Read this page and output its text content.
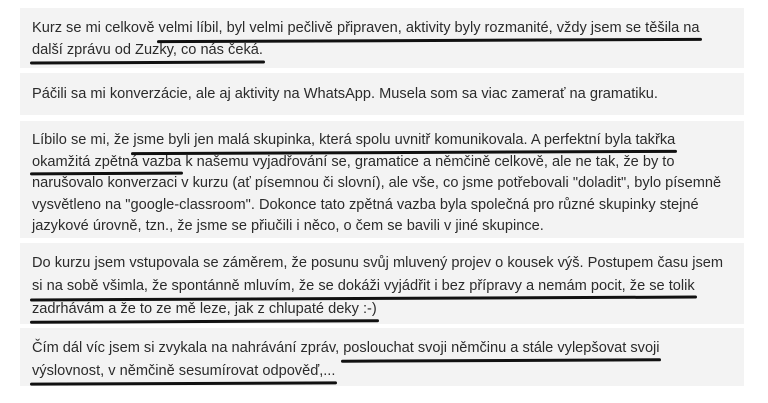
Kurz se mi celkově velmi líbil, byl velmi pečlivě připraven, aktivity byly rozmanité, vždy jsem se těšila na
další zprávu od Zuzky, co nás čeká.
Páčili sa mi konverzácie, ale aj aktivity na WhatsApp. Musela som sa viac zamerať na gramatiku.
Líbilo se mi, že jsme byli jen malá skupinka, která spolu uvnitř komunikovala. A perfektní byla takřka
okamžitá zpětná vazba k našemu vyjadřování se, gramatice a němčině celkově, ale ne tak, že by to
narušovalo konverzaci v kurzu (ať písemnou či slovní), ale vše, co jsme potřebovali "doladit", bylo písemně
vysvětleno na "google-classroom". Dokonce tato zpětná vazba byla společná pro různé skupinky stejné
jazykové úrovně, tzn., že jsme se přiučili i něco, o čem se bavili v jiné skupince.
Do kurzu jsem vstupovala se záměrem, že posunu svůj mluvený projev o kousek výš. Postupem času jsem
si na sobě všimla, že spontánně mluvím, že se dokáži vyjádřit i bez přípravy a nemám pocit, že se tolik
zadrhávám a že to ze mě leze, jak z chlupaté deky :-)
Čím dál víc jsem si zvykala na nahrávání zpráv, poslouchat svoji němčinu a stále vylepšovat svoji
výslovnost, v němčině sesumírovat odpověď,...
